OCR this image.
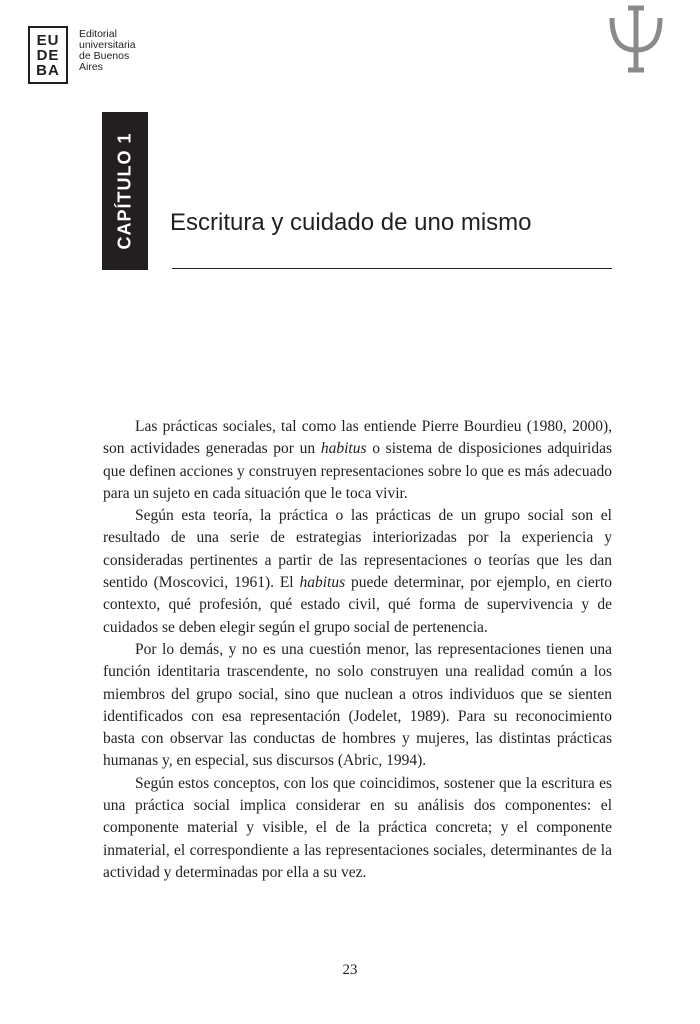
EU
DE
BA
Editorial
universitaria
de Buenos
Aires
CAPÍTULO 1 Escritura y cuidado de uno mismo

Las prácticas sociales, tal como las entiende Pierre Bourdieu (1980, 2000), son actividades generadas por un habitus o sistema de disposiciones adquiridas que definen acciones y construyen representaciones sobre lo que es más adecuado para un sujeto en cada situación que le toca vivir.

Según esta teoría, la práctica o las prácticas de un grupo social son el resultado de una serie de estrategias interiorizadas por la experiencia y consideradas pertinentes a partir de las representaciones o teorías que les dan sentido (Moscovici, 1961). El habitus puede determinar, por ejemplo, en cierto contexto, qué profesión, qué estado civil, qué forma de supervivencia y de cuidados se deben elegir según el grupo social de pertenencia.

Por lo demás, y no es una cuestión menor, las representaciones tienen una función identitaria trascendente, no solo construyen una realidad común a los miembros del grupo social, sino que nuclean a otros individuos que se sienten identificados con esa representación (Jodelet, 1989). Para su reconocimiento basta con observar las conductas de hombres y mujeres, las distintas prácticas humanas y, en especial, sus discursos (Abric, 1994).

Según estos conceptos, con los que coincidimos, sostener que la escritura es una práctica social implica considerar en su análisis dos componentes: el componente material y visible, el de la práctica concreta; y el componente inmaterial, el correspondiente a las representaciones sociales, determinantes de la actividad y determinadas por ella a su vez.

23
